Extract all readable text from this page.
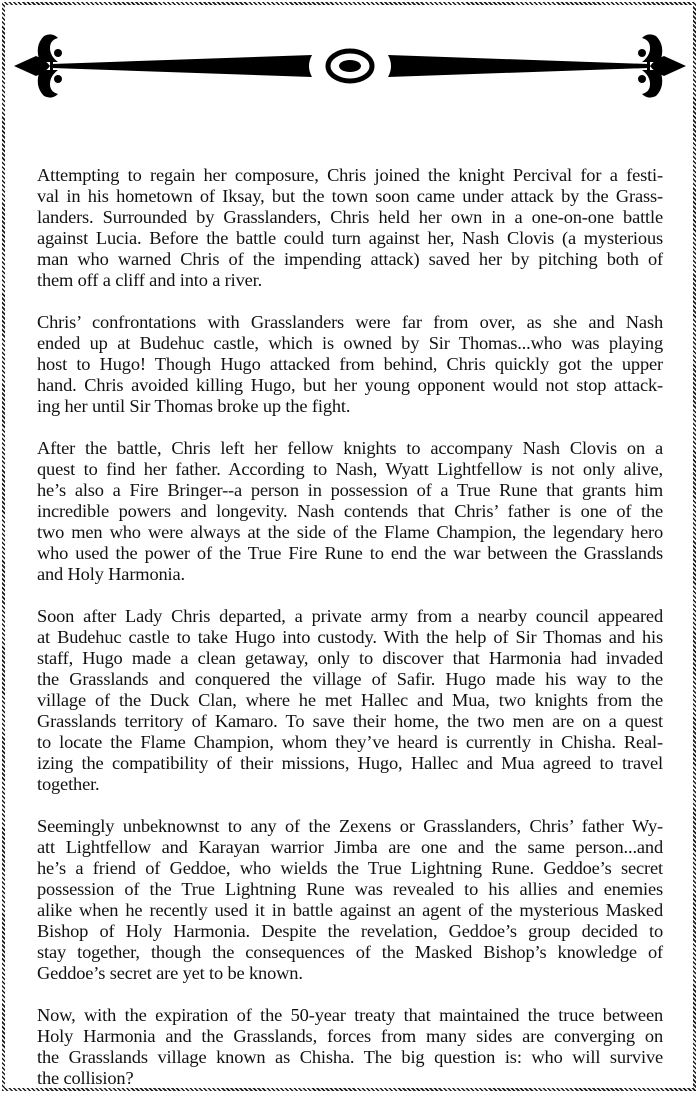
Attempting to regain her composure, Chris joined the knight Percival for a festi-
val in his hometown of Iksay, but the town soon came under attack by the Grass-
landers. Surrounded by Grasslanders, Chris held her own in a one-on-one battle
against Lucia. Before the battle could turn against her, Nash Clovis (a mysterious
man who warned Chris of the impending attack) saved her by pitching both of
them off a cliff and into a river.

Chris’ confrontations with Grasslanders were far from over, as she and Nash
ended up at Budehuc castle, which is owned by Sir Thomas...who was playing
host to Hugo! Though Hugo attacked from behind, Chris quickly got the upper
hand. Chris avoided killing Hugo, but her young opponent would not stop attack-
ing her until Sir Thomas broke up the fight.

After the battle, Chris left her fellow knights to accompany Nash Clovis on a
quest to find her father. According to Nash, Wyatt Lightfellow is not only alive,
he’s also a Fire Bringer--a person in possession of a True Rune that grants him
incredible powers and longevity. Nash contends that Chris’ father is one of the
two men who were always at the side of the Flame Champion, the legendary hero
who used the power of the True Fire Rune to end the war between the Grasslands
and Holy Harmonia.

Soon after Lady Chris departed, a private army from a nearby council appeared
at Budehuc castle to take Hugo into custody. With the help of Sir Thomas and his
staff, Hugo made a clean getaway, only to discover that Harmonia had invaded
the Grasslands and conquered the village of Safir. Hugo made his way to the
village of the Duck Clan, where he met Hallec and Mua, two knights from the
Grasslands territory of Kamaro. To save their home, the two men are on a quest
to locate the Flame Champion, whom they’ve heard is currently in Chisha. Real-
izing the compatibility of their missions, Hugo, Hallec and Mua agreed to travel
together.

Seemingly unbeknownst to any of the Zexens or Grasslanders, Chris’ father Wy-
att Lightfellow and Karayan warrior Jimba are one and the same person...and
he’s a friend of Geddoe, who wields the True Lightning Rune. Geddoe’s secret
possession of the True Lightning Rune was revealed to his allies and enemies
alike when he recently used it in battle against an agent of the mysterious Masked
Bishop of Holy Harmonia. Despite the revelation, Geddoe’s group decided to
stay together, though the consequences of the Masked Bishop’s knowledge of
Geddoe’s secret are yet to be known.

Now, with the expiration of the 50-year treaty that maintained the truce between
Holy Harmonia and the Grasslands, forces from many sides are converging on
the Grasslands village known as Chisha. The big question is: who will survive
the collision?
